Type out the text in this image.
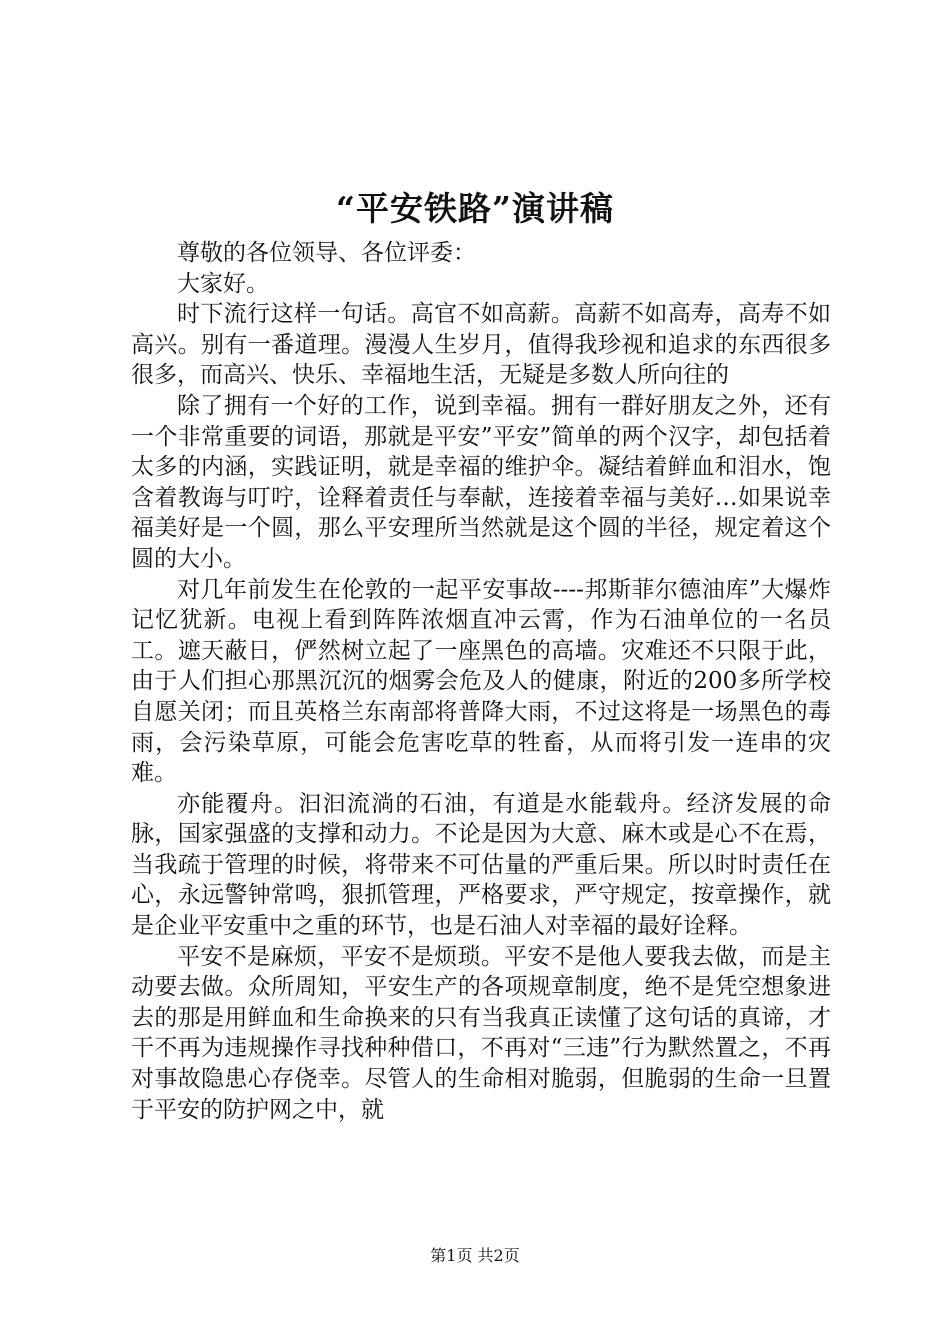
“平安铁路”演讲稿

尊敬的各位领导、各位评委：

大家好。

时下流行这样一句话。高官不如高薪。高薪不如高寿，高寿不如高兴。别有一番道理。漫漫人生岁月，值得我珍视和追求的东西很多很多，而高兴、快乐、幸福地生活，无疑是多数人所向往的

除了拥有一个好的工作，说到幸福。拥有一群好朋友之外，还有一个非常重要的词语，那就是平安”平安”简单的两个汉字，却包括着太多的内涵，实践证明，就是幸福的维护伞。凝结着鲜血和泪水，饱含着教诲与叮咛，诠释着责任与奉献，连接着幸福与美好…如果说幸福美好是一个圆，那么平安理所当然就是这个圆的半径，规定着这个圆的大小。

对几年前发生在伦敦的一起平安事故----邦斯菲尔德油库”大爆炸记忆犹新。电视上看到阵阵浓烟直冲云霄，作为石油单位的一名员工。遮天蔽日，俨然树立起了一座黑色的高墙。灾难还不只限于此，由于人们担心那黑沉沉的烟雾会危及人的健康，附近的200多所学校自愿关闭；而且英格兰东南部将普降大雨，不过这将是一场黑色的毒雨，会污染草原，可能会危害吃草的牲畜，从而将引发一连串的灾难。

亦能覆舟。汩汩流淌的石油，有道是水能载舟。经济发展的命脉，国家强盛的支撑和动力。不论是因为大意、麻木或是心不在焉，当我疏于管理的时候，将带来不可估量的严重后果。所以时时责任在心，永远警钟常鸣，狠抓管理，严格要求，严守规定，按章操作，就是企业平安重中之重的环节，也是石油人对幸福的最好诠释。

平安不是麻烦，平安不是烦琐。平安不是他人要我去做，而是主动要去做。众所周知，平安生产的各项规章制度，绝不是凭空想象进去的那是用鲜血和生命换来的只有当我真正读懂了这句话的真谛，才干不再为违规操作寻找种种借口，不再对“三违”行为默然置之，不再对事故隐患心存侥幸。尽管人的生命相对脆弱，但脆弱的生命一旦置于平安的防护网之中，就

第1页 共2页
